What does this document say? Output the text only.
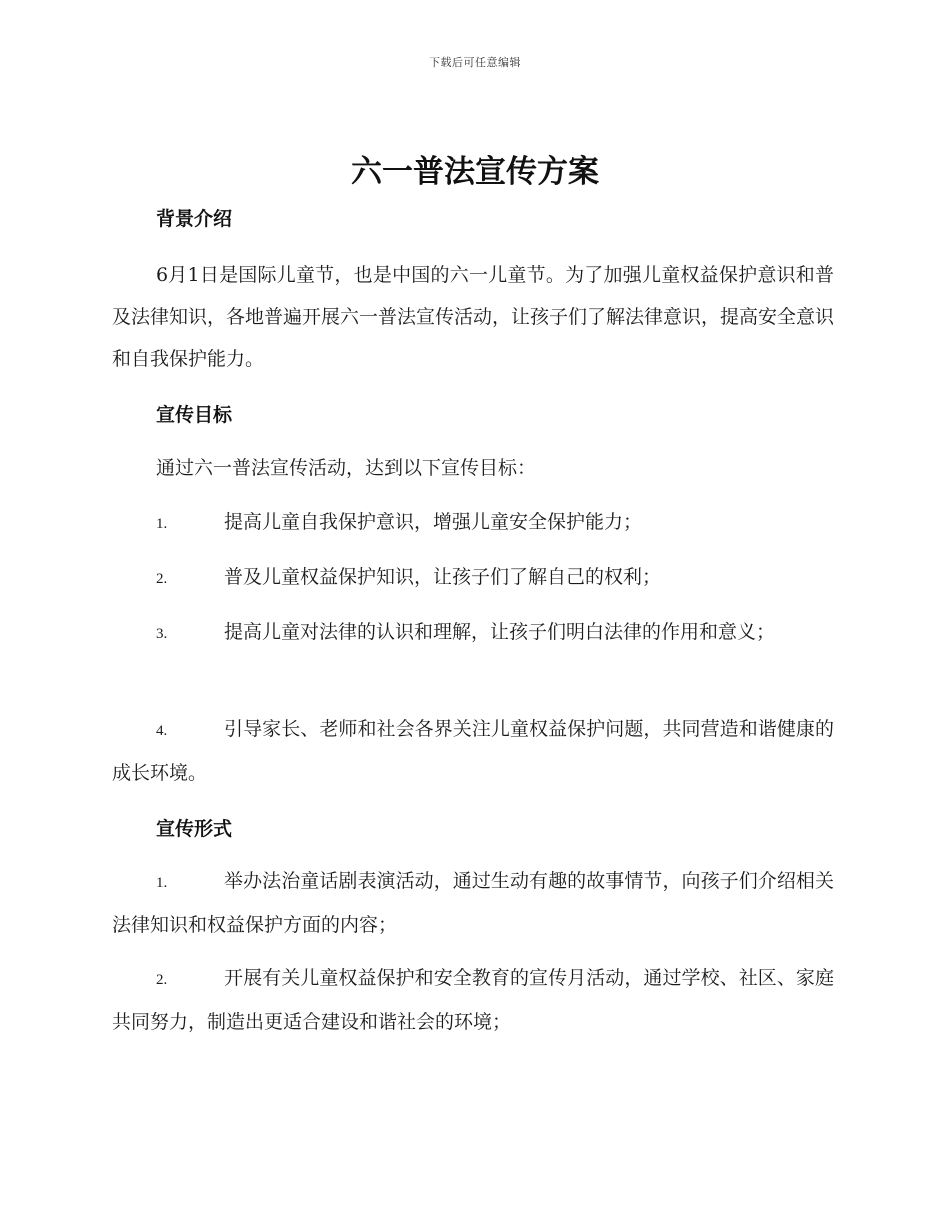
下载后可任意编辑
六一普法宣传方案
背景介绍
6月1日是国际儿童节，也是中国的六一儿童节。为了加强儿童权益保护意识和普及法律知识，各地普遍开展六一普法宣传活动，让孩子们了解法律意识，提高安全意识和自我保护能力。
宣传目标
通过六一普法宣传活动，达到以下宣传目标：
1.	提高儿童自我保护意识，增强儿童安全保护能力；
2.	普及儿童权益保护知识，让孩子们了解自己的权利；
3.	提高儿童对法律的认识和理解，让孩子们明白法律的作用和意义；
4.	引导家长、老师和社会各界关注儿童权益保护问题，共同营造和谐健康的成长环境。
宣传形式
1.	举办法治童话剧表演活动，通过生动有趣的故事情节，向孩子们介绍相关法律知识和权益保护方面的内容；
2.	开展有关儿童权益保护和安全教育的宣传月活动，通过学校、社区、家庭共同努力，制造出更适合建设和谐社会的环境；
